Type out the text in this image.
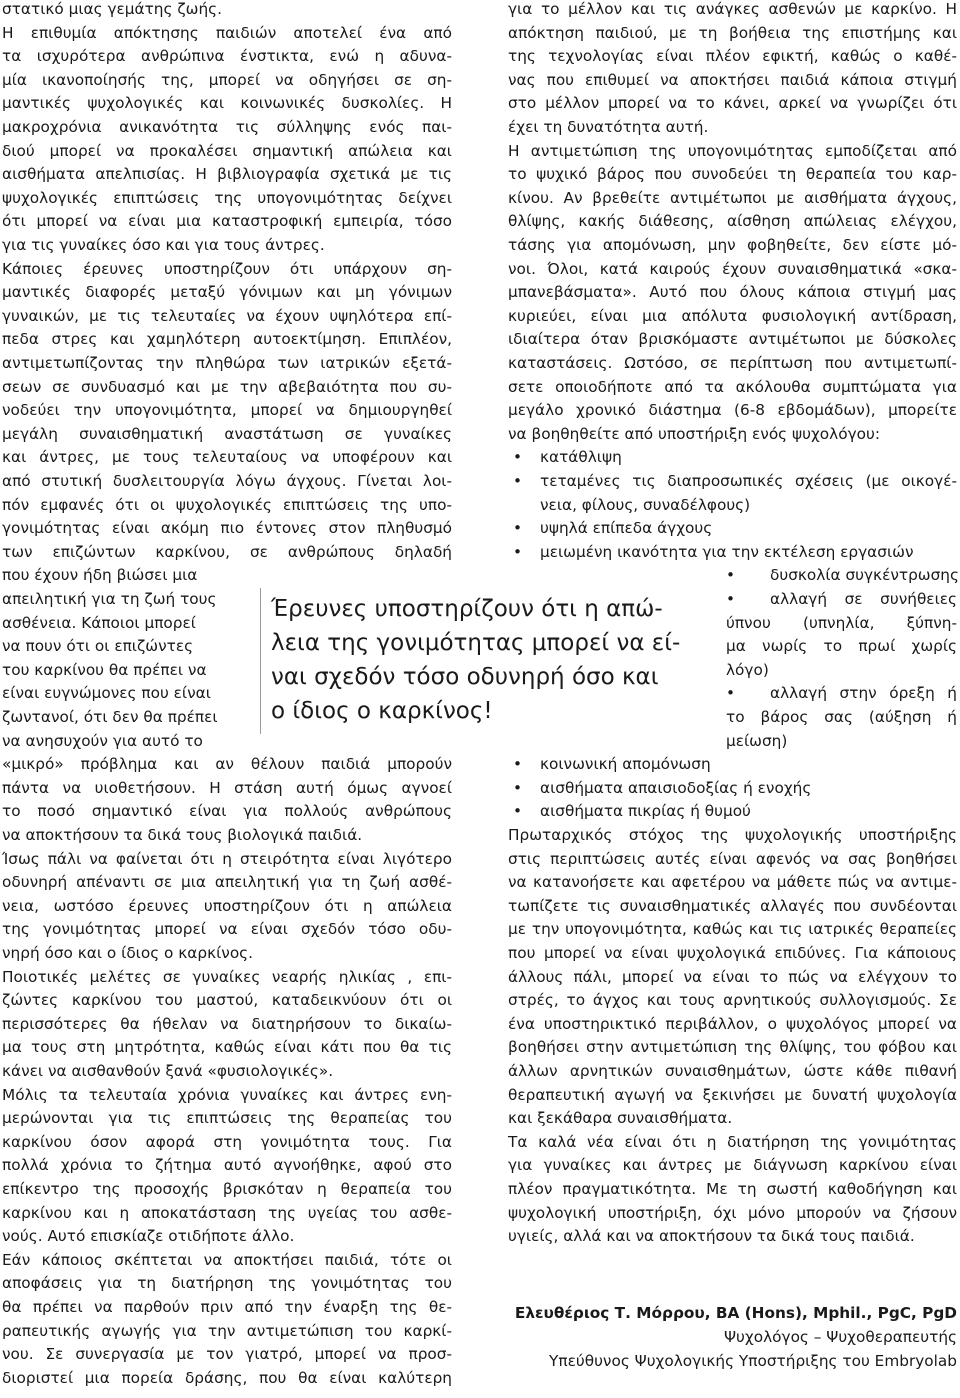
στατικό μιας γεμάτης ζωής.
Η επιθυμία απόκτησης παιδιών αποτελεί ένα από
τα ισχυρότερα ανθρώπινα ένστικτα, ενώ η αδυνα-
μία ικανοποίησής της, μπορεί να οδηγήσει σε ση-
μαντικές ψυχολογικές και κοινωνικές δυσκολίες. Η
μακροχρόνια ανικανότητα τις σύλληψης ενός παι-
διού μπορεί να προκαλέσει σημαντική απώλεια και
αισθήματα απελπισίας. Η βιβλιογραφία σχετικά με τις
ψυχολογικές επιπτώσεις της υπογονιμότητας δείχνει
ότι μπορεί να είναι μια καταστροφική εμπειρία, τόσο
για τις γυναίκες όσο και για τους άντρες.
Κάποιες έρευνες υποστηρίζουν ότι υπάρχουν ση-
μαντικές διαφορές μεταξύ γόνιμων και μη γόνιμων
γυναικών, με τις τελευταίες να έχουν υψηλότερα επί-
πεδα στρες και χαμηλότερη αυτοεκτίμηση. Επιπλέον,
αντιμετωπίζοντας την πληθώρα των ιατρικών εξετά-
σεων σε συνδυασμό και με την αβεβαιότητα που συ-
νοδεύει την υπογονιμότητα, μπορεί να δημιουργηθεί
μεγάλη συναισθηματική αναστάτωση σε γυναίκες
και άντρες, με τους τελευταίους να υποφέρουν και
από στυτική δυσλειτουργία λόγω άγχους. Γίνεται λοι-
πόν εμφανές ότι οι ψυχολογικές επιπτώσεις της υπο-
γονιμότητας είναι ακόμη πιο έντονες στον πληθυσμό
των επιζώντων καρκίνου, σε ανθρώπους δηλαδή
που έχουν ήδη βιώσει μια
απειλητική για τη ζωή τους
ασθένεια. Κάποιοι μπορεί
να πουν ότι οι επιζώντες
του καρκίνου θα πρέπει να
είναι ευγνώμονες που είναι
ζωντανοί, ότι δεν θα πρέπει
να ανησυχούν για αυτό το
«μικρό» πρόβλημα και αν θέλουν παιδιά μπορούν
πάντα να υιοθετήσουν. Η στάση αυτή όμως αγνοεί
το ποσό σημαντικό είναι για πολλούς ανθρώπους
να αποκτήσουν τα δικά τους βιολογικά παιδιά.
Ίσως πάλι να φαίνεται ότι η στειρότητα είναι λιγότερο
οδυνηρή απέναντι σε μια απειλητική για τη ζωή ασθέ-
νεια, ωστόσο έρευνες υποστηρίζουν ότι η απώλεια
της γονιμότητας μπορεί να είναι σχεδόν τόσο οδυ-
νηρή όσο και ο ίδιος ο καρκίνος.
Ποιοτικές μελέτες σε γυναίκες νεαρής ηλικίας , επι-
ζώντες καρκίνου του μαστού, καταδεικνύουν ότι οι
περισσότερες θα ήθελαν να διατηρήσουν το δικαίω-
μα τους στη μητρότητα, καθώς είναι κάτι που θα τις
κάνει να αισθανθούν ξανά «φυσιολογικές».
Μόλις τα τελευταία χρόνια γυναίκες και άντρες ενη-
μερώνονται για τις επιπτώσεις της θεραπείας του
καρκίνου όσον αφορά στη γονιμότητα τους. Για
πολλά χρόνια το ζήτημα αυτό αγνοήθηκε, αφού στο
επίκεντρο της προσοχής βρισκόταν η θεραπεία του
καρκίνου και η αποκατάσταση της υγείας του ασθε-
νούς. Αυτό επισκίαζε οτιδήποτε άλλο.
Εάν κάποιος σκέπτεται να αποκτήσει παιδιά, τότε οι
αποφάσεις για τη διατήρηση της γονιμότητας του
θα πρέπει να παρθούν πριν από την έναρξη της θε-
ραπευτικής αγωγής για την αντιμετώπιση του καρκί-
νου. Σε συνεργασία με τον γιατρό, μπορεί να προσ-
διοριστεί μια πορεία δράσης, που θα είναι καλύτερη
για το μέλλον και τις ανάγκες ασθενών με καρκίνο. Η
απόκτηση παιδιού, με τη βοήθεια της επιστήμης και
της τεχνολογίας είναι πλέον εφικτή, καθώς ο καθέ-
νας που επιθυμεί να αποκτήσει παιδιά κάποια στιγμή
στο μέλλον μπορεί να το κάνει, αρκεί να γνωρίζει ότι
έχει τη δυνατότητα αυτή.
Η αντιμετώπιση της υπογονιμότητας εμποδίζεται από
το ψυχικό βάρος που συνοδεύει τη θεραπεία του καρ-
κίνου. Αν βρεθείτε αντιμέτωποι με αισθήματα άγχους,
θλίψης, κακής διάθεσης, αίσθηση απώλειας ελέγχου,
τάσης για απομόνωση, μην φοβηθείτε, δεν είστε μό-
νοι. Όλοι, κατά καιρούς έχουν συναισθηματικά «σκα-
μπανεβάσματα». Αυτό που όλους κάποια στιγμή μας
κυριεύει, είναι μια απόλυτα φυσιολογική αντίδραση,
ιδιαίτερα όταν βρισκόμαστε αντιμέτωποι με δύσκολες
καταστάσεις. Ωστόσο, σε περίπτωση που αντιμετωπί-
σετε οποιοδήποτε από τα ακόλουθα συμπτώματα για
μεγάλο χρονικό διάστημα (6-8 εβδομάδων), μπορείτε
να βοηθηθείτε από υποστήριξη ενός ψυχολόγου:
• κατάθλιψη
• τεταμένες τις διαπροσωπικές σχέσεις (με οικογέ-
νεια, φίλους, συναδέλφους)
• υψηλά επίπεδα άγχους
• μειωμένη ικανότητα για την εκτέλεση εργασιών
• δυσκολία συγκέντρωσης
• αλλαγή σε συνήθειες
ύπνου (υπνηλία, ξύπνη-
μα νωρίς το πρωί χωρίς
λόγο)
• αλλαγή στην όρεξη ή
το βάρος σας (αύξηση ή
μείωση)
• κοινωνική απομόνωση
• αισθήματα απαισιοδοξίας ή ενοχής
• αισθήματα πικρίας ή θυμού
Πρωταρχικός στόχος της ψυχολογικής υποστήριξης
στις περιπτώσεις αυτές είναι αφενός να σας βοηθήσει
να κατανοήσετε και αφετέρου να μάθετε πώς να αντιμε-
τωπίζετε τις συναισθηματικές αλλαγές που συνδέονται
με την υπογονιμότητα, καθώς και τις ιατρικές θεραπείες
που μπορεί να είναι ψυχολογικά επιδύνες. Για κάποιους
άλλους πάλι, μπορεί να είναι το πώς να ελέγχουν το
στρές, το άγχος και τους αρνητικούς συλλογισμούς. Σε
ένα υποστηρικτικό περιβάλλον, ο ψυχολόγος μπορεί να
βοηθήσει στην αντιμετώπιση της θλίψης, του φόβου και
άλλων αρνητικών συναισθημάτων, ώστε κάθε πιθανή
θεραπευτική αγωγή να ξεκινήσει με δυνατή ψυχολογία
και ξεκάθαρα συναισθήματα.
Τα καλά νέα είναι ότι η διατήρηση της γονιμότητας
για γυναίκες και άντρες με διάγνωση καρκίνου είναι
πλέον πραγματικότητα. Με τη σωστή καθοδήγηση και
ψυχολογική υποστήριξη, όχι μόνο μπορούν να ζήσουν
υγιείς, αλλά και να αποκτήσουν τα δικά τους παιδιά.
Έρευνες υποστηρίζουν ότι η απώ-
λεια της γονιμότητας μπορεί να εί-
ναι σχεδόν τόσο οδυνηρή όσο και
ο ίδιος ο καρκίνος!
Ελευθέριος Τ. Μόρρου, BA (Hons), Mphil., PgC, PgD
Ψυχολόγος – Ψυχοθεραπευτής
Υπεύθυνος Ψυχολογικής Υποστήριξης του Embryolab
